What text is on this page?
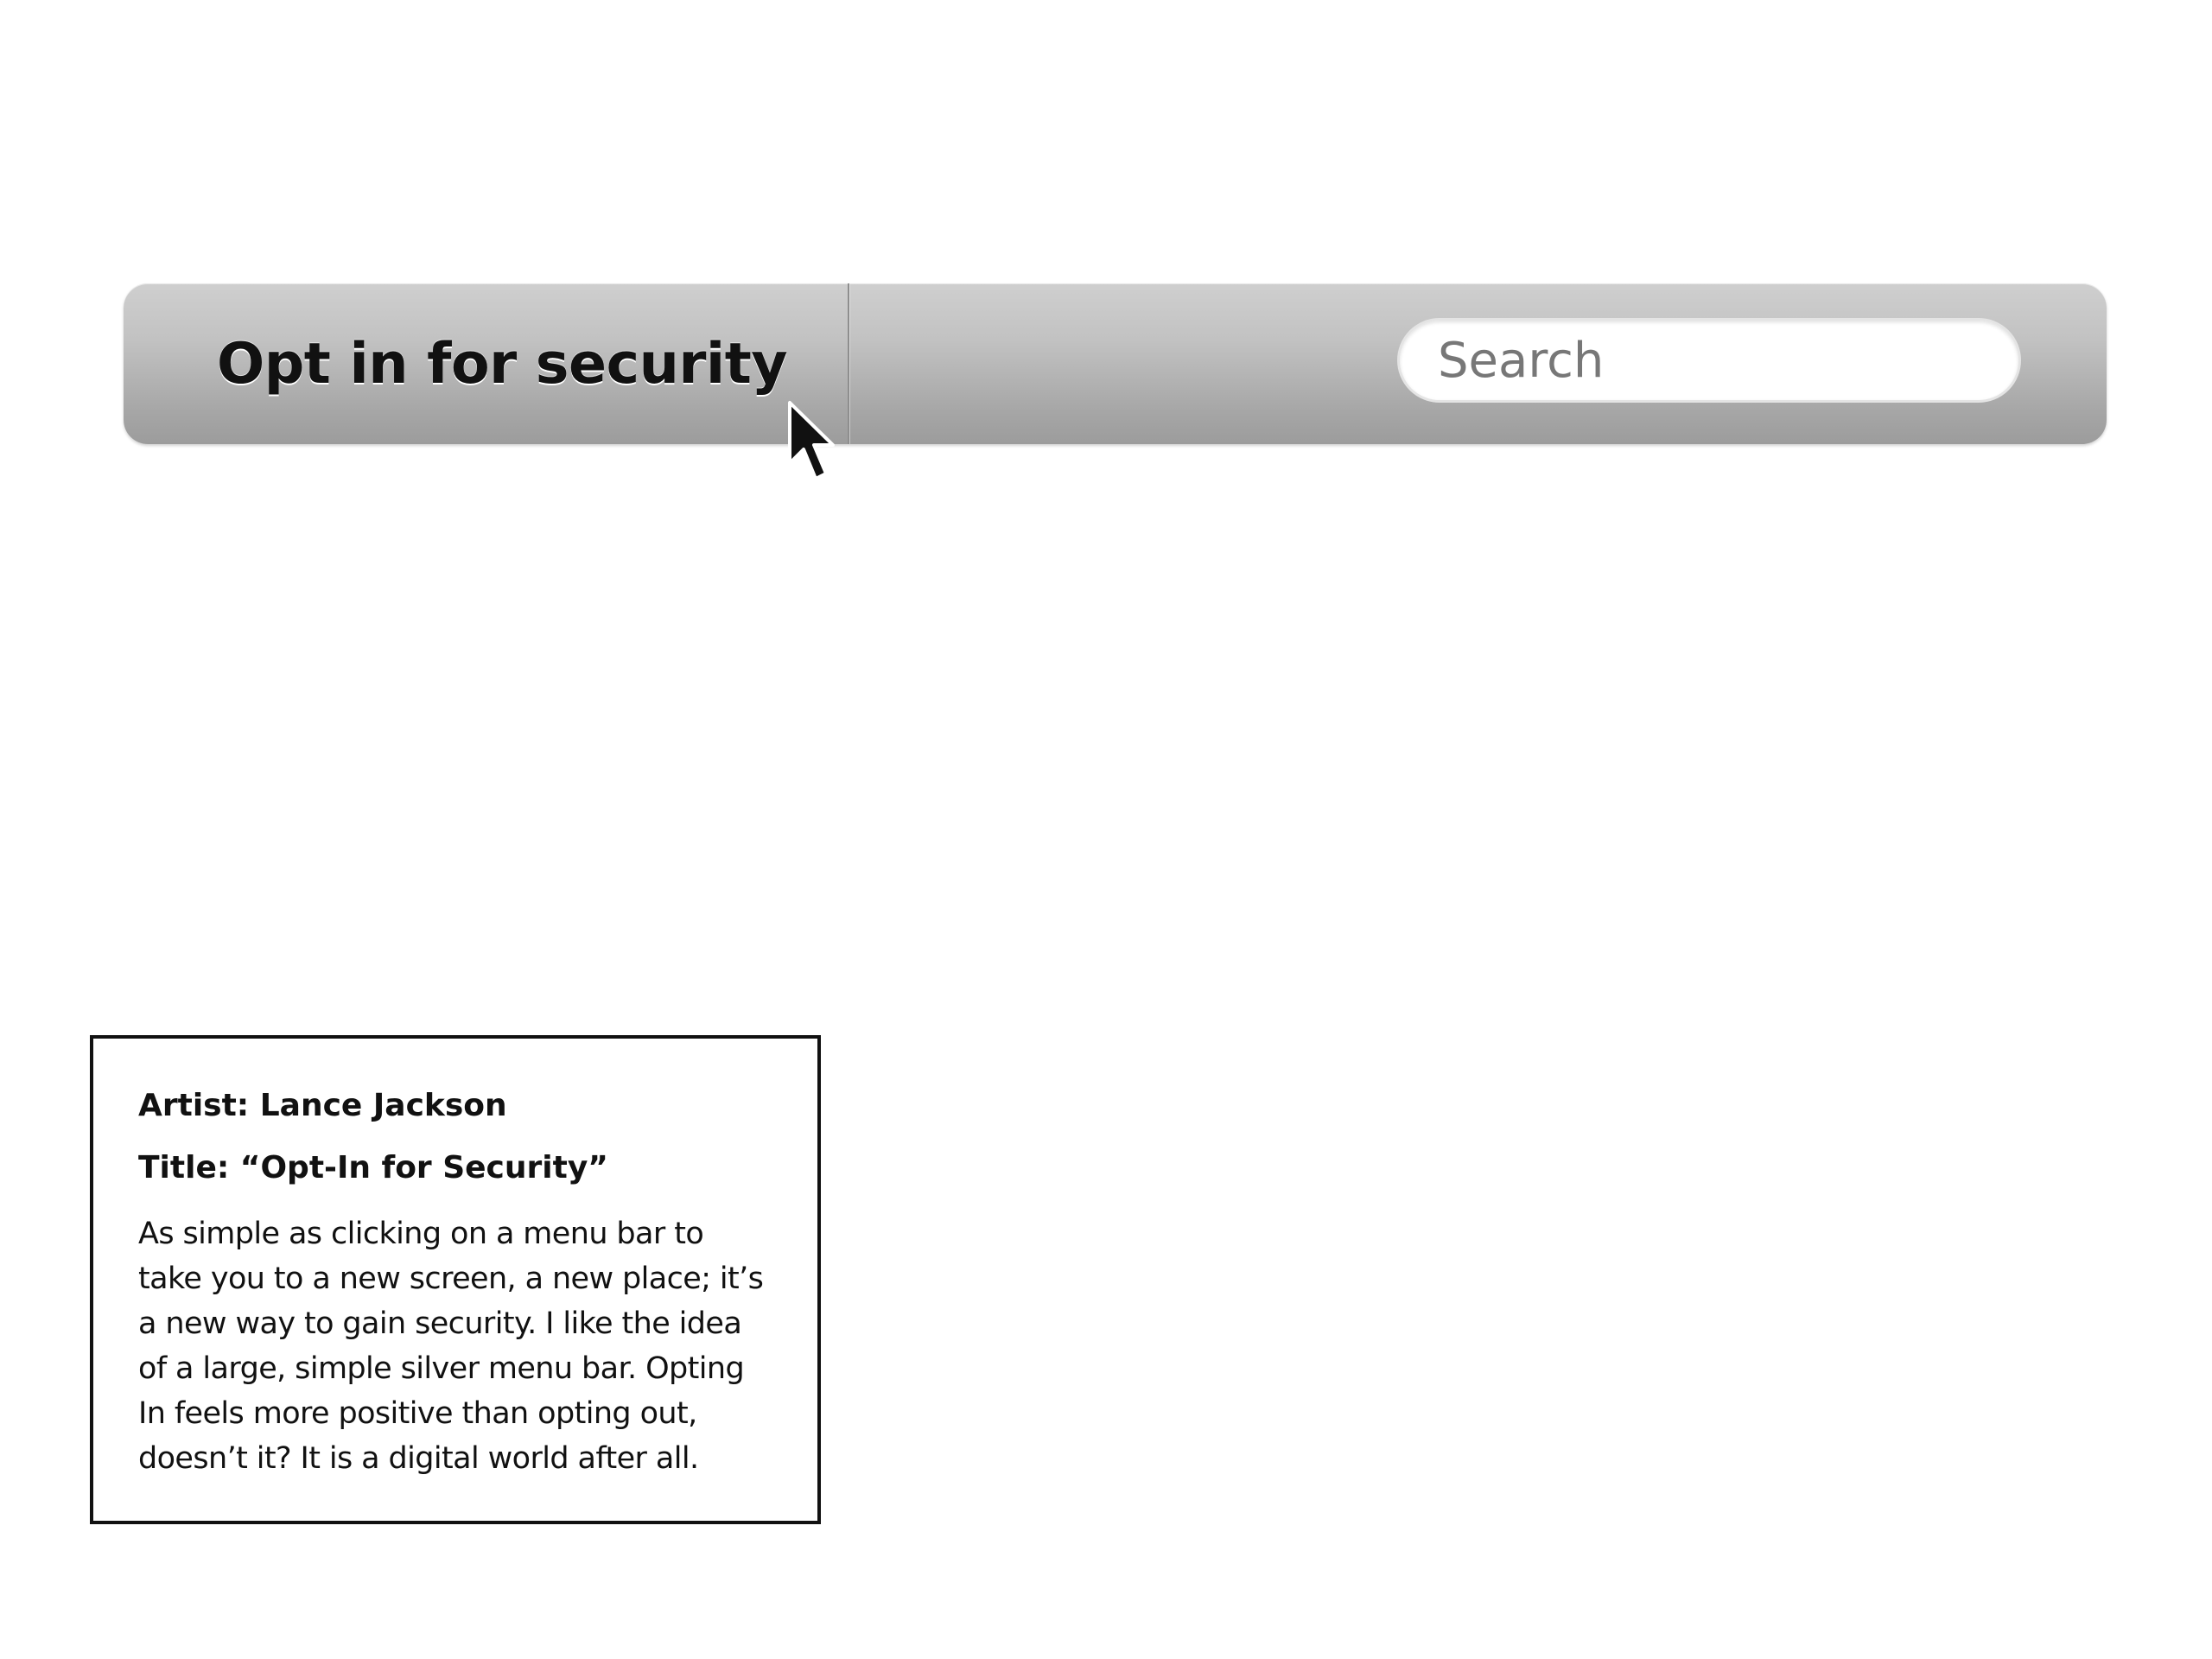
Opt in for security
Search

Artist: Lance Jackson

Title: “Opt-In for Security”

As simple as clicking on a menu bar to take you to a new screen, a new place; it’s a new way to gain security. I like the idea of a large, simple silver menu bar. Opting In feels more positive than opting out, doesn’t it? It is a digital world after all.
